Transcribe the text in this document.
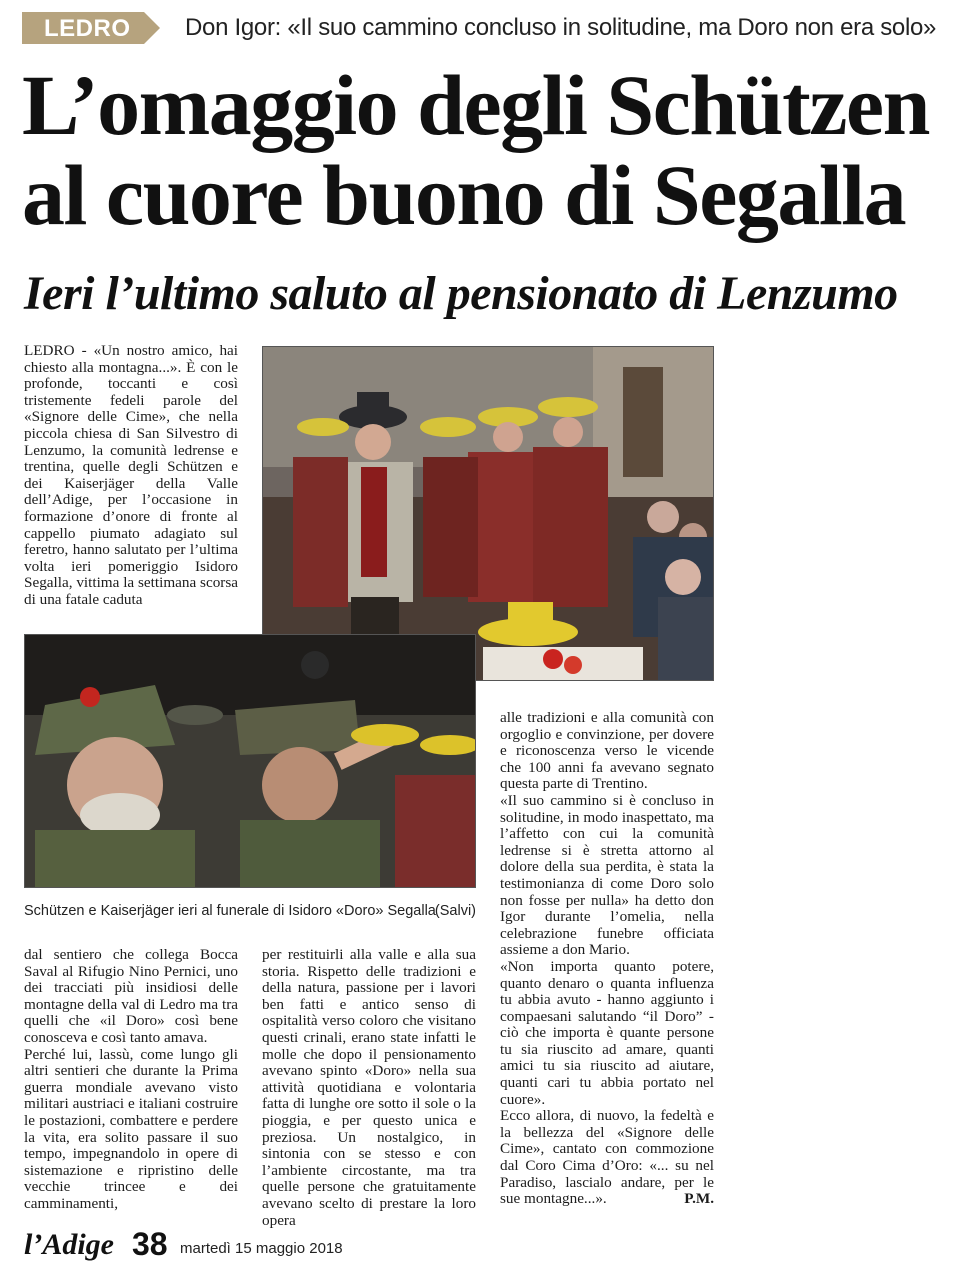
LEDRO Don Igor: «Il suo cammino concluso in solitudine, ma Doro non era solo»
L’omaggio degli Schützen
al cuore buono di Segalla
Ieri l’ultimo saluto al pensionato di Lenzumo

LEDRO - «Un nostro amico, hai chiesto alla montagna...». È con le profonde, toccanti e così tristemente fedeli parole del «Signore delle Cime», che nella piccola chiesa di San Silvestro di Lenzumo, la comunità ledrense e trentina, quelle degli Schützen e dei Kaiserjäger della Valle dell’Adige, per l’occasione in formazione d’onore di fronte al cappello piumato adagiato sul feretro, hanno salutato per l’ultima volta ieri pomeriggio Isidoro Segalla, vittima la settimana scorsa di una fatale caduta

Schützen e Kaiserjäger ieri al funerale di Isidoro «Doro» Segalla (Salvi)

dal sentiero che collega Bocca Saval al Rifugio Nino Pernici, uno dei tracciati più insidiosi delle montagne della val di Ledro ma tra quelli che «il Doro» così bene conosceva e così tanto amava.

Perché lui, lassù, come lungo gli altri sentieri che durante la Prima guerra mondiale avevano visto militari austriaci e italiani costruire le postazioni, combattere e perdere la vita, era solito passare il suo tempo, impegnandolo in opere di sistemazione e ripristino delle vecchie trincee e dei camminamenti,

per restituirli alla valle e alla sua storia. Rispetto delle tradizioni e della natura, passione per i lavori ben fatti e antico senso di ospitalità verso coloro che visitano questi crinali, erano state infatti le molle che dopo il pensionamento avevano spinto «Doro» nella sua attività quotidiana e volontaria fatta di lunghe ore sotto il sole o la pioggia, e per questo unica e preziosa. Un nostalgico, in sintonia con se stesso e con l’ambiente circostante, ma tra quelle persone che gratuitamente avevano scelto di prestare la loro opera

alle tradizioni e alla comunità con orgoglio e convinzione, per dovere e riconoscenza verso le vicende che 100 anni fa avevano segnato questa parte di Trentino.

«Il suo cammino si è concluso in solitudine, in modo inaspettato, ma l’affetto con cui la comunità ledrense si è stretta attorno al dolore della sua perdita, è stata la testimonianza di come Doro solo non fosse per nulla» ha detto don Igor durante l’omelia, nella celebrazione funebre officiata assieme a don Mario.

«Non importa quanto potere, quanto denaro o quanta influenza tu abbia avuto - hanno aggiunto i compaesani salutando “il Doro” - ciò che importa è quante persone tu sia riuscito ad amare, quanti amici tu sia riuscito ad aiutare, quanti cari tu abbia portato nel cuore».

Ecco allora, di nuovo, la fedeltà e la bellezza del «Signore delle Cime», cantato con commozione dal Coro Cima d’Oro: «... su nel Paradiso, lascialo andare, per le sue montagne...».	P.M.

l’Adige 38 martedì 15 maggio 2018
